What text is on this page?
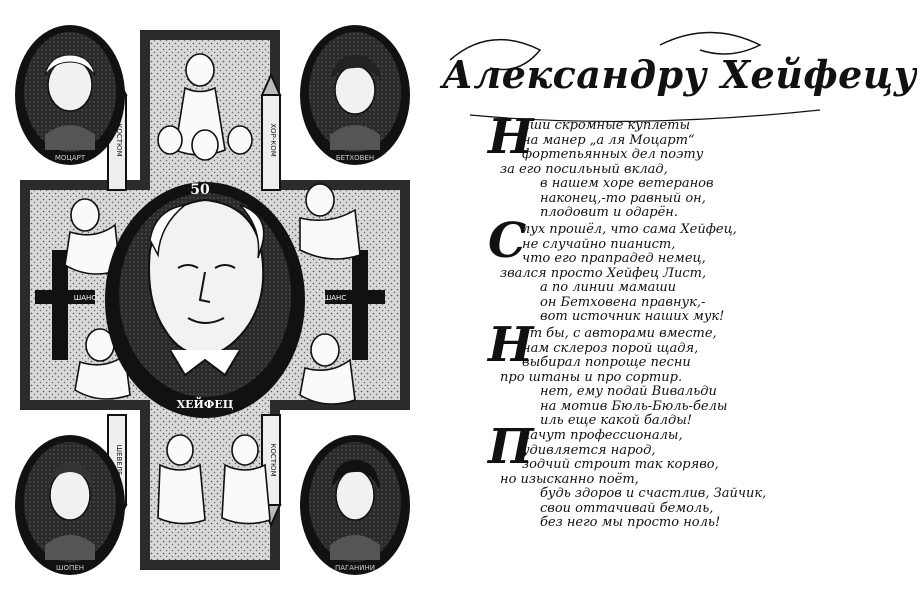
50
ХЕЙФЕЦ
МОЦАРТ	БЕТХОВЕН
ШОПЕН	ПАГАНИНИ
КОСТЮМ	ХОР-КОМ
ШЕВЕЛЕ	КОСТЮМ
ШАНС	ШАНС
Александру Хейфецу
Н
аши скромные куплеты
на манер „а ля Моцарт“
фортепьянных дел поэту
за его посильный вклад,
в нашем хоре ветеранов
наконец,-то равный он,
плодовит и одарён.
С
лух прошёл, что сама Хейфец,
не случайно пианист,
что его прапрадед немец,
звался просто Хейфец Лист,
а по линии мамаши
он Бетховена правнук,-
вот источник наших мук!
Н
ет бы, с авторами вместе,
нам склероз порой щадя,
выбирал попроще песни
про штаны и про сортир.
нет, ему подай Вивальди
на мотив Бюль-Бюль-белы
иль еще какой балды!
П
лачут профессионалы,
удивляется народ,
зодчий строит так коряво,
но изысканно поёт,
будь здоров и счастлив, Зайчик,
свои оттачивай бемоль,
без него мы просто ноль!
